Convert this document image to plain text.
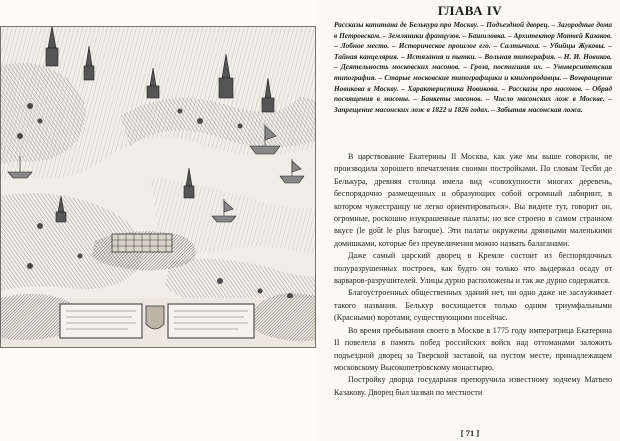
ГЛАВА IV

Рассказы капитана де Белькура про Москву. – Подъездной дворец. – Загородные дома в Петровском. – Земляники французов. – Башиловка. – Архитектор Матвей Казаков. – Лобное место. – Историческое прошлое его. – Салтычиха. – Убийцы Жуковы. – Тайная канцелярия. – Истязания и пытки. – Вольная типография. – Н. И. Новиков. – Деятельность московских масонов. – Гроза, постигшая их. – Университетская типография. – Старые московские типографщики и книгопродавцы. – Возвращение Новикова в Москву. – Характеристика Новикова. – Рассказы про масонов. – Обряд посвящения в масоны. – Банкеты масонов. – Число масонских лож в Москве. – Запрещение масонских лож в 1822 и 1826 годах. – Забытая масонская ложа.

В царствование Екатерины II Москва, как уже мы выше говорили, не производила хорошего впечатления своими постройками. По словам Тесби де Белькура, древняя столица имела вид «совокупности многих деревень, беспорядочно размещенных и образующих собой огромный лабиринт, в котором чужестранцу не легко ориентироваться». Вы видите тут, говорит он, огромные, роскошно изукрашенные палаты; но все строено в самом странном вкусе (le goût le plus baroque). Эти палаты окружены дрянными маленькими домишками, которые без преувеличения можно назвать балаганами.

Даже самый царский дворец в Кремле состоит из беспорядочных полуразрушенных построек, как будто он только что выдержал осаду от варваров-разрушителей. Улицы дурно расположены и так же дурно содержатся.

Благоустроенных общественных зданий нет, ни одно даже не заслуживает такого названия. Белькур восхищается только одним триумфальными (Красными) воротами, существующими посейчас.

Во время пребывания своего в Москве в 1775 году императрица Екатерина II повелела в память побед российских войск над оттоманами заложить подъездной дворец за Тверской заставой, на пустом месте, принадлежащем московскому Высокопетровскому монастырю.

Постройку дворца государыня препоручила известному зодчему Матвею Казакову. Дворец был назван по местности

[ 71 ]
